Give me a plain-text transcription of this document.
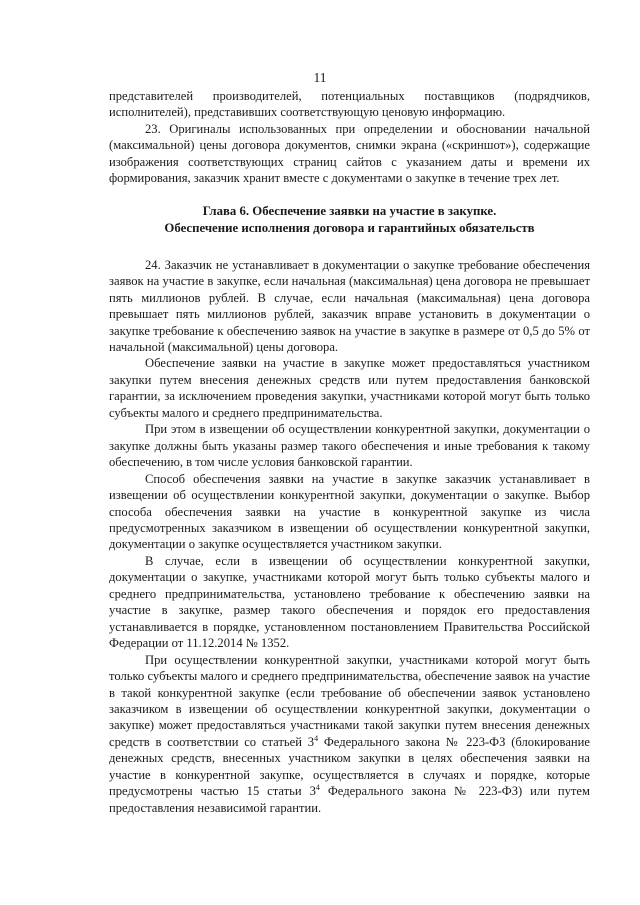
11

представителей производителей, потенциальных поставщиков (подрядчиков, исполнителей), представивших соответствующую ценовую информацию.

23. Оригиналы использованных при определении и обосновании начальной (максимальной) цены договора документов, снимки экрана («скриншот»), содержащие изображения соответствующих страниц сайтов с указанием даты и времени их формирования, заказчик хранит вместе с документами о закупке в течение трех лет.

Глава 6. Обеспечение заявки на участие в закупке.
Обеспечение исполнения договора и гарантийных обязательств

24. Заказчик не устанавливает в документации о закупке требование обеспечения заявок на участие в закупке, если начальная (максимальная) цена договора не превышает пять миллионов рублей. В случае, если начальная (максимальная) цена договора превышает пять миллионов рублей, заказчик вправе установить в документации о закупке требование к обеспечению заявок на участие в закупке в размере от 0,5 до 5% от начальной (максимальной) цены договора.

Обеспечение заявки на участие в закупке может предоставляться участником закупки путем внесения денежных средств или путем предоставления банковской гарантии, за исключением проведения закупки, участниками которой могут быть только субъекты малого и среднего предпринимательства.

При этом в извещении об осуществлении конкурентной закупки, документации о закупке должны быть указаны размер такого обеспечения и иные требования к такому обеспечению, в том числе условия банковской гарантии.

Способ обеспечения заявки на участие в закупке заказчик устанавливает в извещении об осуществлении конкурентной закупки, документации о закупке. Выбор способа обеспечения заявки на участие в конкурентной закупке из числа предусмотренных заказчиком в извещении об осуществлении конкурентной закупки, документации о закупке осуществляется участником закупки.

В случае, если в извещении об осуществлении конкурентной закупки, документации о закупке, участниками которой могут быть только субъекты малого и среднего предпринимательства, установлено требование к обеспечению заявки на участие в закупке, размер такого обеспечения и порядок его предоставления устанавливается в порядке, установленном постановлением Правительства Российской Федерации от 11.12.2014 № 1352.

При осуществлении конкурентной закупки, участниками которой могут быть только субъекты малого и среднего предпринимательства, обеспечение заявок на участие в такой конкурентной закупке (если требование об обеспечении заявок установлено заказчиком в извещении об осуществлении конкурентной закупки, документации о закупке) может предоставляться участниками такой закупки путем внесения денежных средств в соответствии со статьей $3^4$ Федерального закона № 223-ФЗ (блокирование денежных средств, внесенных участником закупки в целях обеспечения заявки на участие в конкурентной закупке, осуществляется в случаях и порядке, которые предусмотрены частью 15 статьи $3^4$ Федерального закона № 223-ФЗ) или путем предоставления независимой гарантии.
